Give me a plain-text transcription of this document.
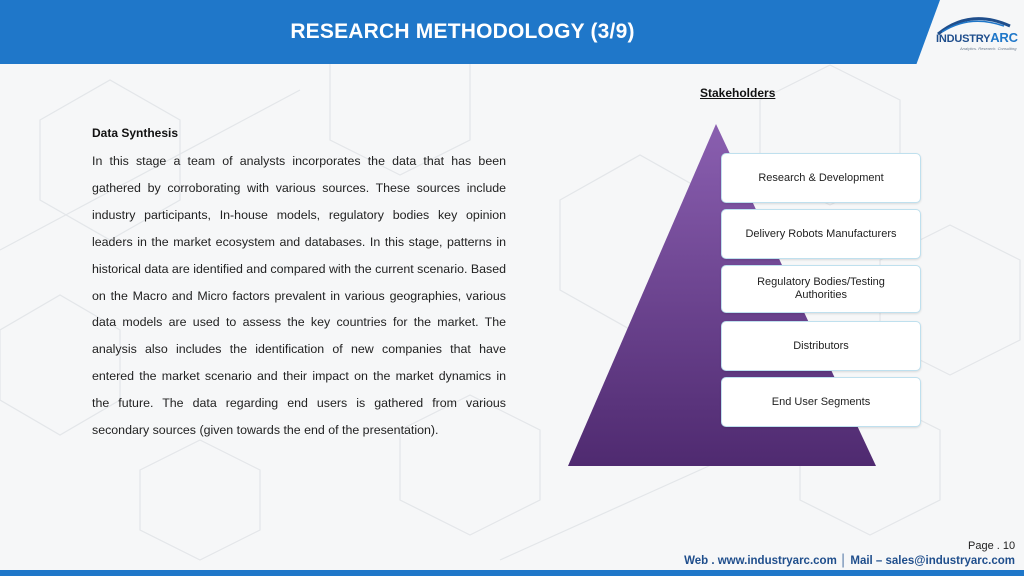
RESEARCH METHODOLOGY (3/9)	INDUSTRYARC
Analytics. Research. Consulting
Stakeholders
Data Synthesis
In this stage a team of analysts incorporates the data that has been gathered by corroborating with various sources. These sources include industry participants, In-house models, regulatory bodies key opinion leaders in the market ecosystem and databases. In this stage, patterns in historical data are identified and compared with the current scenario. Based on the Macro and Micro factors prevalent in various geographies, various data models are used to assess the key countries for the market. The analysis also includes the identification of new companies that have entered the market scenario and their impact on the market dynamics in the future. The data regarding end users is gathered from various secondary sources (given towards the end of the presentation).
Research & Development
Delivery Robots Manufacturers
Regulatory Bodies/Testing Authorities
Distributors
End User Segments
Page . 10
Web . www.industryarc.com │ Mail – sales@industryarc.com
